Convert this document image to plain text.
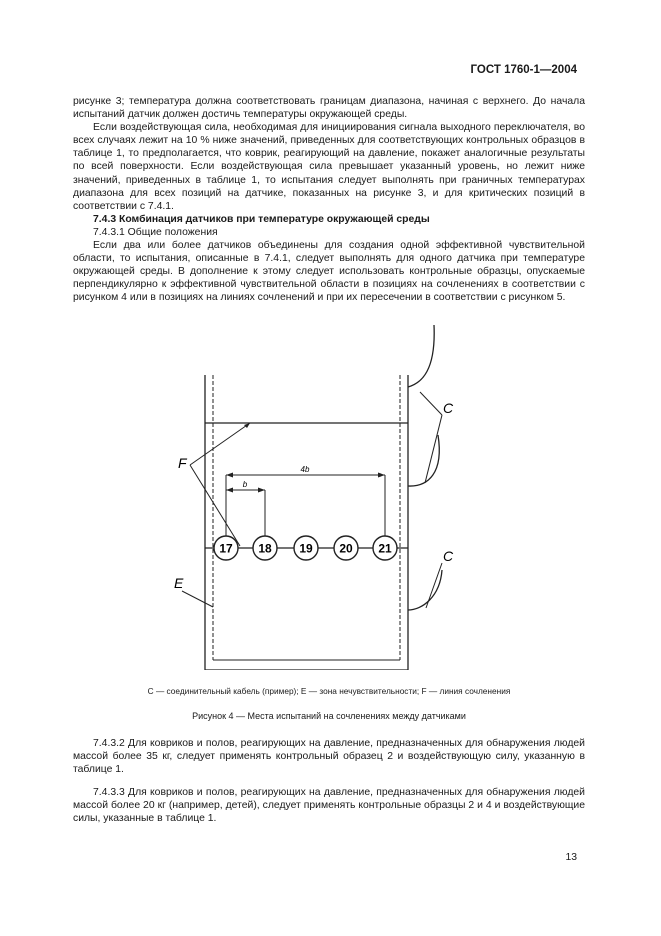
ГОСТ 1760-1—2004

рисунке 3; температура должна соответствовать границам диапазона, начиная с верхнего. До начала испытаний датчик должен достичь температуры окружающей среды.

Если воздействующая сила, необходимая для инициирования сигнала выходного переключателя, во всех случаях лежит на 10 % ниже значений, приведенных для соответствующих контрольных образцов в таблице 1, то предполагается, что коврик, реагирующий на давление, покажет аналогичные результаты по всей поверхности. Если воздействующая сила превышает указанный уровень, но лежит ниже значений, приведенных в таблице 1, то испытания следует выполнять при граничных температурах диапазона для всех позиций на датчике, показанных на рисунке 3, и для критических позиций в соответствии с 7.4.1.

7.4.3 Комбинация датчиков при температуре окружающей среды

7.4.3.1 Общие положения

Если два или более датчиков объединены для создания одной эффективной чувствительной области, то испытания, описанные в 7.4.1, следует выполнять для одного датчика при температуре окружающей среды. В дополнение к этому следует использовать контрольные образцы, опускаемые перпендикулярно к эффективной чувствительной области в позициях на сочленениях в соответствии с рисунком 4 или в позициях на линиях сочленений и при их пересечении в соответствии с рисунком 5.

17 18 19 20 21
4b
b
F
E
C
C
С — соединительный кабель (пример); Е — зона нечувствительности; F — линия сочленения
Рисунок 4 — Места испытаний на сочленениях между датчиками

7.4.3.2 Для ковриков и полов, реагирующих на давление, предназначенных для обнаружения людей массой более 35 кг, следует применять контрольный образец 2 и воздействующую силу, указанную в таблице 1.

7.4.3.3 Для ковриков и полов, реагирующих на давление, предназначенных для обнаружения людей массой более 20 кг (например, детей), следует применять контрольные образцы 2 и 4 и воздействующие силы, указанные в таблице 1.

13
